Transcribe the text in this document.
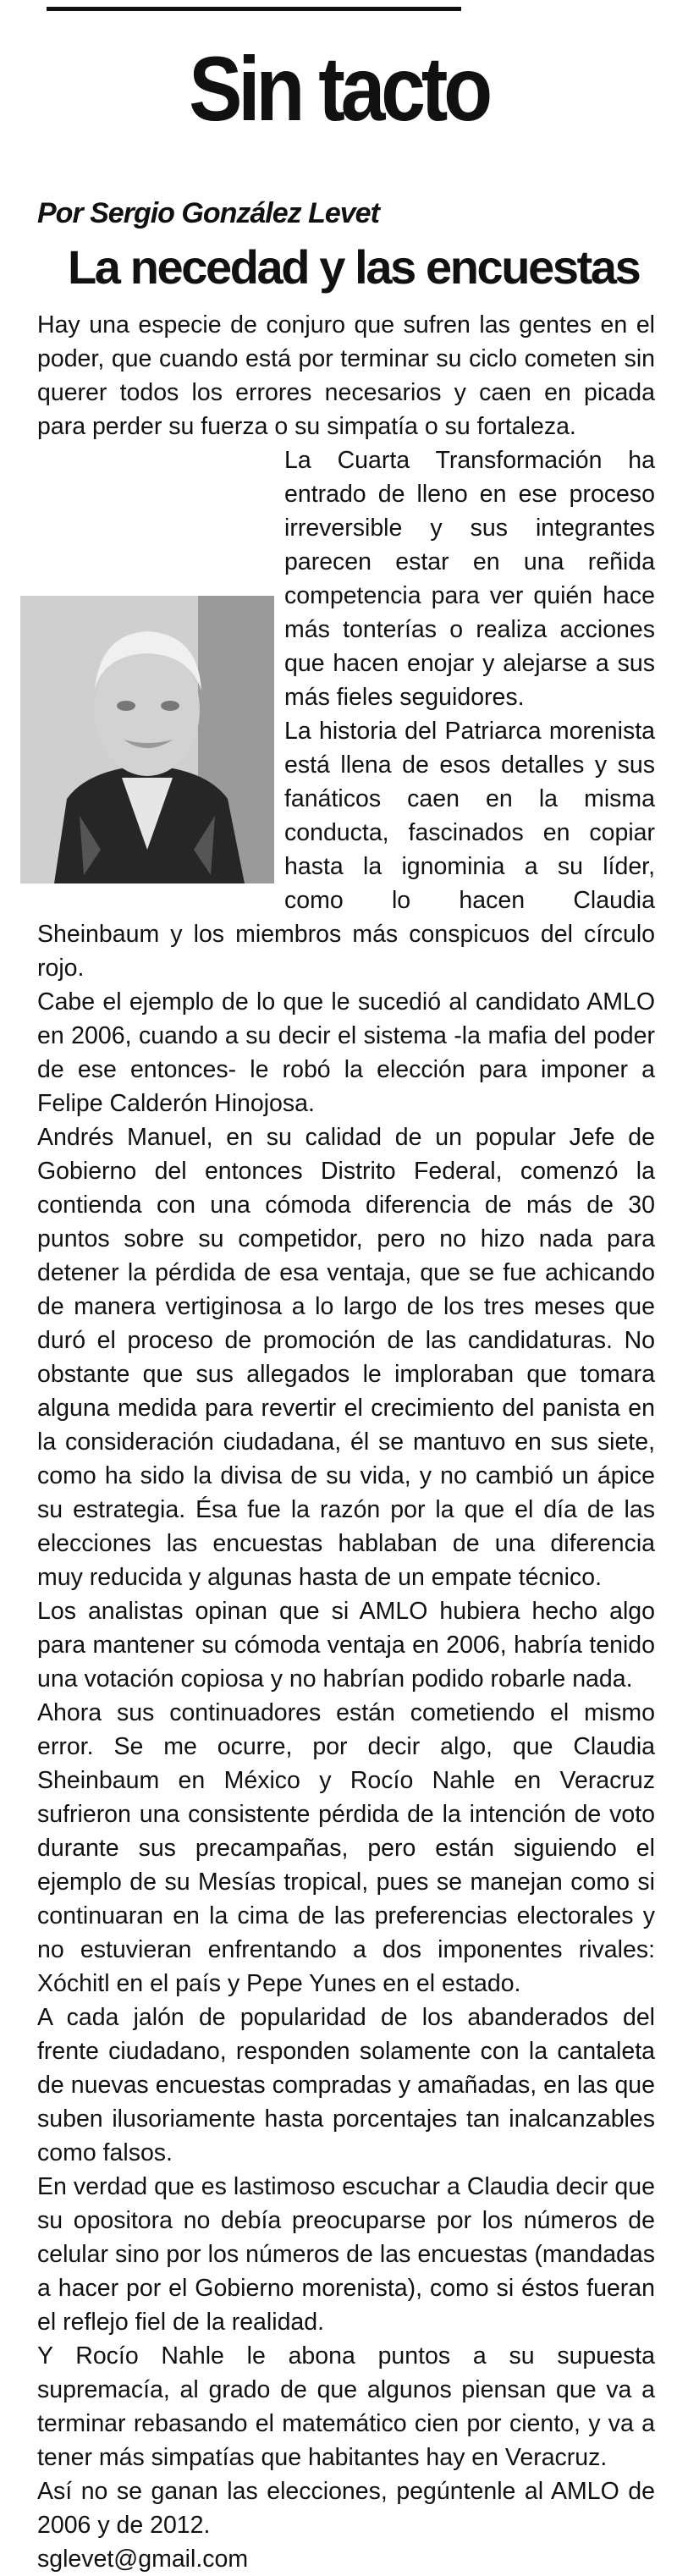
Sin tacto
Por Sergio González Levet
La necedad y las encuestas

Hay una especie de conjuro que sufren las gentes en el poder, que cuando está por terminar su ciclo cometen sin querer todos los errores necesarios y caen en picada para perder su fuerza o su simpatía o su fortaleza.

La Cuarta Transformación ha entrado de lleno en ese proceso irreversible y sus integrantes parecen estar en una reñida competencia para ver quién hace más tonterías o realiza acciones que hacen enojar y alejarse a sus más fieles seguidores.

La historia del Patriarca morenista está llena de esos detalles y sus fanáticos caen en la misma conducta, fascinados en copiar hasta la ignominia a su líder, como lo hacen Claudia Sheinbaum y los miembros más conspicuos del círculo rojo.

Cabe el ejemplo de lo que le sucedió al candidato AMLO en 2006, cuando a su decir el sistema -la mafia del poder de ese entonces- le robó la elección para imponer a Felipe Calderón Hinojosa.

Andrés Manuel, en su calidad de un popular Jefe de Gobierno del entonces Distrito Federal, comenzó la contienda con una cómoda diferencia de más de 30 puntos sobre su competidor, pero no hizo nada para detener la pérdida de esa ventaja, que se fue achicando de manera vertiginosa a lo largo de los tres meses que duró el proceso de promoción de las candidaturas. No obstante que sus allegados le imploraban que tomara alguna medida para revertir el crecimiento del panista en la consideración ciudadana, él se mantuvo en sus siete, como ha sido la divisa de su vida, y no cambió un ápice su estrategia. Ésa fue la razón por la que el día de las elecciones las encuestas hablaban de una diferencia muy reducida y algunas hasta de un empate técnico.

Los analistas opinan que si AMLO hubiera hecho algo para mantener su cómoda ventaja en 2006, habría tenido una votación copiosa y no habrían podido robarle nada.

Ahora sus continuadores están cometiendo el mismo error. Se me ocurre, por decir algo, que Claudia Sheinbaum en México y Rocío Nahle en Veracruz sufrieron una consistente pérdida de la intención de voto durante sus precampañas, pero están siguiendo el ejemplo de su Mesías tropical, pues se manejan como si continuaran en la cima de las preferencias electorales y no estuvieran enfrentando a dos imponentes rivales: Xóchitl en el país y Pepe Yunes en el estado.

A cada jalón de popularidad de los abanderados del frente ciudadano, responden solamente con la cantaleta de nuevas encuestas compradas y amañadas, en las que suben ilusoriamente hasta porcentajes tan inalcanzables como falsos.

En verdad que es lastimoso escuchar a Claudia decir que su opositora no debía preocuparse por los números de celular sino por los números de las encuestas (mandadas a hacer por el Gobierno morenista), como si éstos fueran el reflejo fiel de la realidad.

Y Rocío Nahle le abona puntos a su supuesta supremacía, al grado de que algunos piensan que va a terminar rebasando el matemático cien por ciento, y va a tener más simpatías que habitantes hay en Veracruz.

Así no se ganan las elecciones, pegúntenle al AMLO de 2006 y de 2012.

sglevet@gmail.com
